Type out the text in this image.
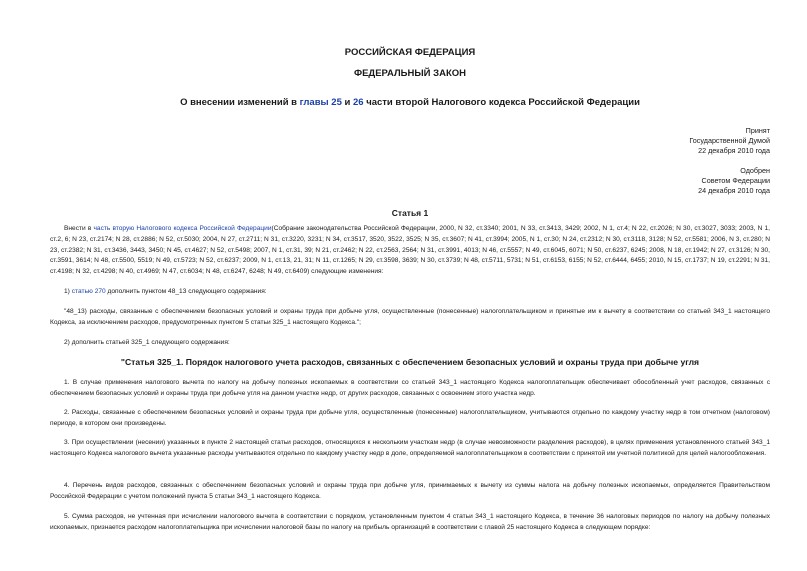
РОССИЙСКАЯ ФЕДЕРАЦИЯ
ФЕДЕРАЛЬНЫЙ ЗАКОН
О внесении изменений в главы 25 и 26 части второй Налогового кодекса Российской Федерации
Принят
Государственной Думой
22 декабря 2010 года
Одобрен
Советом Федерации
24 декабря 2010 года
Статья 1
Внести в часть вторую Налогового кодекса Российской Федерации(Собрание законодательства Российской Федерации, 2000, N 32, ст.3340; 2001, N 33, ст.3413, 3429; 2002, N 1, ст.4; N 22, ст.2026; N 30, ст.3027, 3033; 2003, N 1, ст.2, 6; N 23, ст.2174; N 28, ст.2886; N 52, ст.5030; 2004, N 27, ст.2711; N 31, ст.3220, 3231; N 34, ст.3517, 3520, 3522, 3525; N 35, ст.3607; N 41, ст.3994; 2005, N 1, ст.30; N 24, ст.2312; N 30, ст.3118, 3128; N 52, ст.5581; 2006, N 3, ст.280; N 23, ст.2382; N 31, ст.3436, 3443, 3450; N 45, ст.4627; N 52, ст.5498; 2007, N 1, ст.31, 39; N 21, ст.2462; N 22, ст.2563, 2564; N 31, ст.3991, 4013; N 46, ст.5557; N 49, ст.6045, 6071; N 50, ст.6237, 6245; 2008, N 18, ст.1942; N 27, ст.3126; N 30, ст.3591, 3614; N 48, ст.5500, 5519; N 49, ст.5723; N 52, ст.6237; 2009, N 1, ст.13, 21, 31; N 11, ст.1265; N 29, ст.3598, 3639; N 30, ст.3739; N 48, ст.5711, 5731; N 51, ст.6153, 6155; N 52, ст.6444, 6455; 2010, N 15, ст.1737; N 19, ст.2291; N 31, ст.4198; N 32, ст.4298; N 40, ст.4969; N 47, ст.6034; N 48, ст.6247, 6248; N 49, ст.6409) следующие изменения:
1) статью 270 дополнить пунктом 48_13 следующего содержания:
"48_13) расходы, связанные с обеспечением безопасных условий и охраны труда при добыче угля, осуществленные (понесенные) налогоплательщиком и принятые им к вычету в соответствии со статьей 343_1 настоящего Кодекса, за исключением расходов, предусмотренных пунктом 5 статьи 325_1 настоящего Кодекса.";
2) дополнить статьей 325_1 следующего содержания:
"Статья 325_1. Порядок налогового учета расходов, связанных с обеспечением безопасных условий и охраны труда при добыче угля
1. В случае применения налогового вычета по налогу на добычу полезных ископаемых в соответствии со статьей 343_1 настоящего Кодекса налогоплательщик обеспечивает обособленный учет расходов, связанных с обеспечением безопасных условий и охраны труда при добыче угля на данном участке недр, от других расходов, связанных с освоением этого участка недр.
2. Расходы, связанные с обеспечением безопасных условий и охраны труда при добыче угля, осуществленные (понесенные) налогоплательщиком, учитываются отдельно по каждому участку недр в том отчетном (налоговом) периоде, в котором они произведены.
3. При осуществлении (несении) указанных в пункте 2 настоящей статьи расходов, относящихся к нескольким участкам недр (в случае невозможности разделения расходов), в целях применения установленного статьей 343_1 настоящего Кодекса налогового вычета указанные расходы учитываются отдельно по каждому участку недр в доле, определяемой налогоплательщиком в соответствии с принятой им учетной политикой для целей налогообложения.
4. Перечень видов расходов, связанных с обеспечением безопасных условий и охраны труда при добыче угля, принимаемых к вычету из суммы налога на добычу полезных ископаемых, определяется Правительством Российской Федерации с учетом положений пункта 5 статьи 343_1 настоящего Кодекса.
5. Сумма расходов, не учтенная при исчислении налогового вычета в соответствии с порядком, установленным пунктом 4 статьи 343_1 настоящего Кодекса, в течение 36 налоговых периодов по налогу на добычу полезных ископаемых, признается расходом налогоплательщика при исчислении налоговой базы по налогу на прибыль организаций в соответствии с главой 25 настоящего Кодекса в следующем порядке:
